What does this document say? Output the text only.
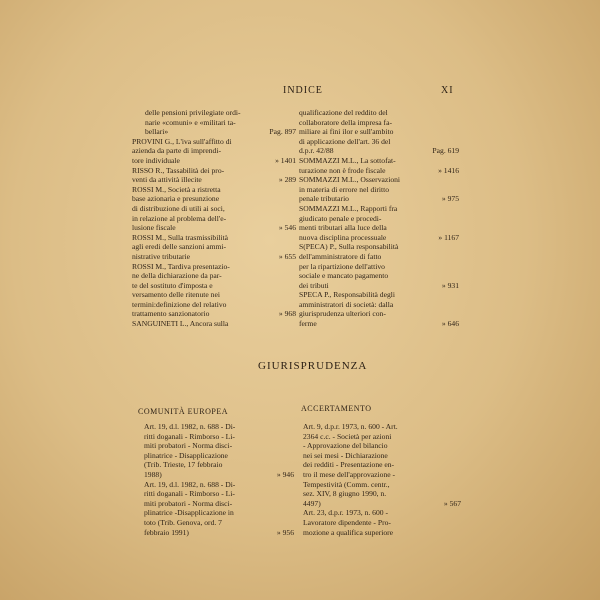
INDICE	XI
delle pensioni privilegiate ordi-
narie «comuni» e «militari ta-
bellari»	Pag. 897
PROVINI G., L'iva sull'affitto di
azienda da parte di imprendi-
tore individuale	» 1401
RISSO R., Tassabilità dei pro-
venti da attività illecite	» 289
ROSSI M., Società a ristretta
base azionaria e presunzione
di distribuzione di utili ai soci,
in relazione al problema dell'e-
lusione fiscale	» 546
ROSSI M., Sulla trasmissibilità
agli eredi delle sanzioni ammi-
nistrative tributarie	» 655
ROSSI M., Tardiva presentazio-
ne della dichiarazione da par-
te del sostituto d'imposta e
versamento delle ritenute nei
termini:definizione del relativo
trattamento sanzionatorio	» 968
SANGUINETI L., Ancora sulla
qualificazione del reddito del
collaboratore della impresa fa-
miliare ai fini ilor e sull'ambito
di applicazione dell'art. 36 del
d.p.r. 42/88	Pag. 619
SOMMAZZI M.L., La sottofat-
turazione non è frode fiscale	» 1416
SOMMAZZI M.L., Osservazioni
in materia di errore nel diritto
penale tributario	» 975
SOMMAZZI M.L., Rapporti fra
giudicato penale e procedi-
menti tributari alla luce della
nuova disciplina processuale	» 1167
S(PECA) P., Sulla responsabilità
dell'amministratore di fatto
per la ripartizione dell'attivo
sociale e mancato pagamento
dei tributi	» 931
SPECA P., Responsabilità degli
amministratori di società: dalla
giurisprudenza ulteriori con-
ferme	» 646
GIURISPRUDENZA
COMUNITÀ EUROPEA	ACCERTAMENTO
Art. 19, d.l. 1982, n. 688 - Di-
ritti doganali - Rimborso - Li-
miti probatori - Norma disci-
plinatrice - Disapplicazione
(Trib. Trieste, 17 febbraio
1988)	» 946
Art. 19, d.l. 1982, n. 688 - Di-
ritti doganali - Rimborso - Li-
miti probatori - Norma disci-
plinatrice -Disapplicazione in
toto (Trib. Genova, ord. 7
febbraio 1991)	» 956
Art. 9, d.p.r. 1973, n. 600 - Art.
2364 c.c. - Società per azioni
- Approvazione del bilancio
nei sei mesi - Dichiarazione
dei redditi - Presentazione en-
tro il mese dell'approvazione -
Tempestività (Comm. centr.,
sez. XIV, 8 giugno 1990, n.
4497)	» 567
Art. 23, d.p.r. 1973, n. 600 -
Lavoratore dipendente - Pro-
mozione a qualifica superiore
